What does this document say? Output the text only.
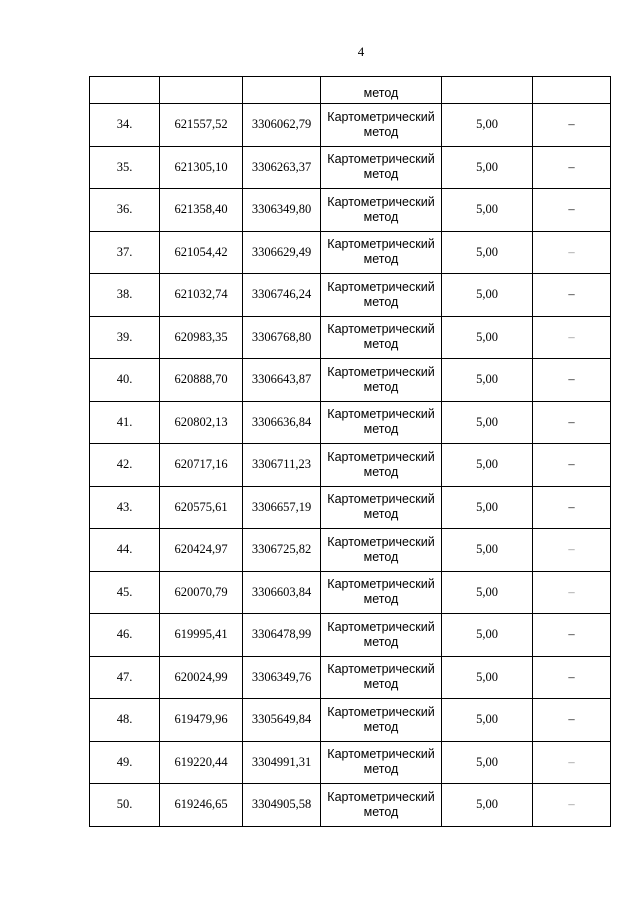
4
			метод		
34.	621557,52	3306062,79	Картометрический метод	5,00	–
35.	621305,10	3306263,37	Картометрический метод	5,00	–
36.	621358,40	3306349,80	Картометрический метод	5,00	–
37.	621054,42	3306629,49	Картометрический метод	5,00	–
38.	621032,74	3306746,24	Картометрический метод	5,00	–
39.	620983,35	3306768,80	Картометрический метод	5,00	–
40.	620888,70	3306643,87	Картометрический метод	5,00	–
41.	620802,13	3306636,84	Картометрический метод	5,00	–
42.	620717,16	3306711,23	Картометрический метод	5,00	–
43.	620575,61	3306657,19	Картометрический метод	5,00	–
44.	620424,97	3306725,82	Картометрический метод	5,00	–
45.	620070,79	3306603,84	Картометрический метод	5,00	–
46.	619995,41	3306478,99	Картометрический метод	5,00	–
47.	620024,99	3306349,76	Картометрический метод	5,00	–
48.	619479,96	3305649,84	Картометрический метод	5,00	–
49.	619220,44	3304991,31	Картометрический метод	5,00	–
50.	619246,65	3304905,58	Картометрический метод	5,00	–
